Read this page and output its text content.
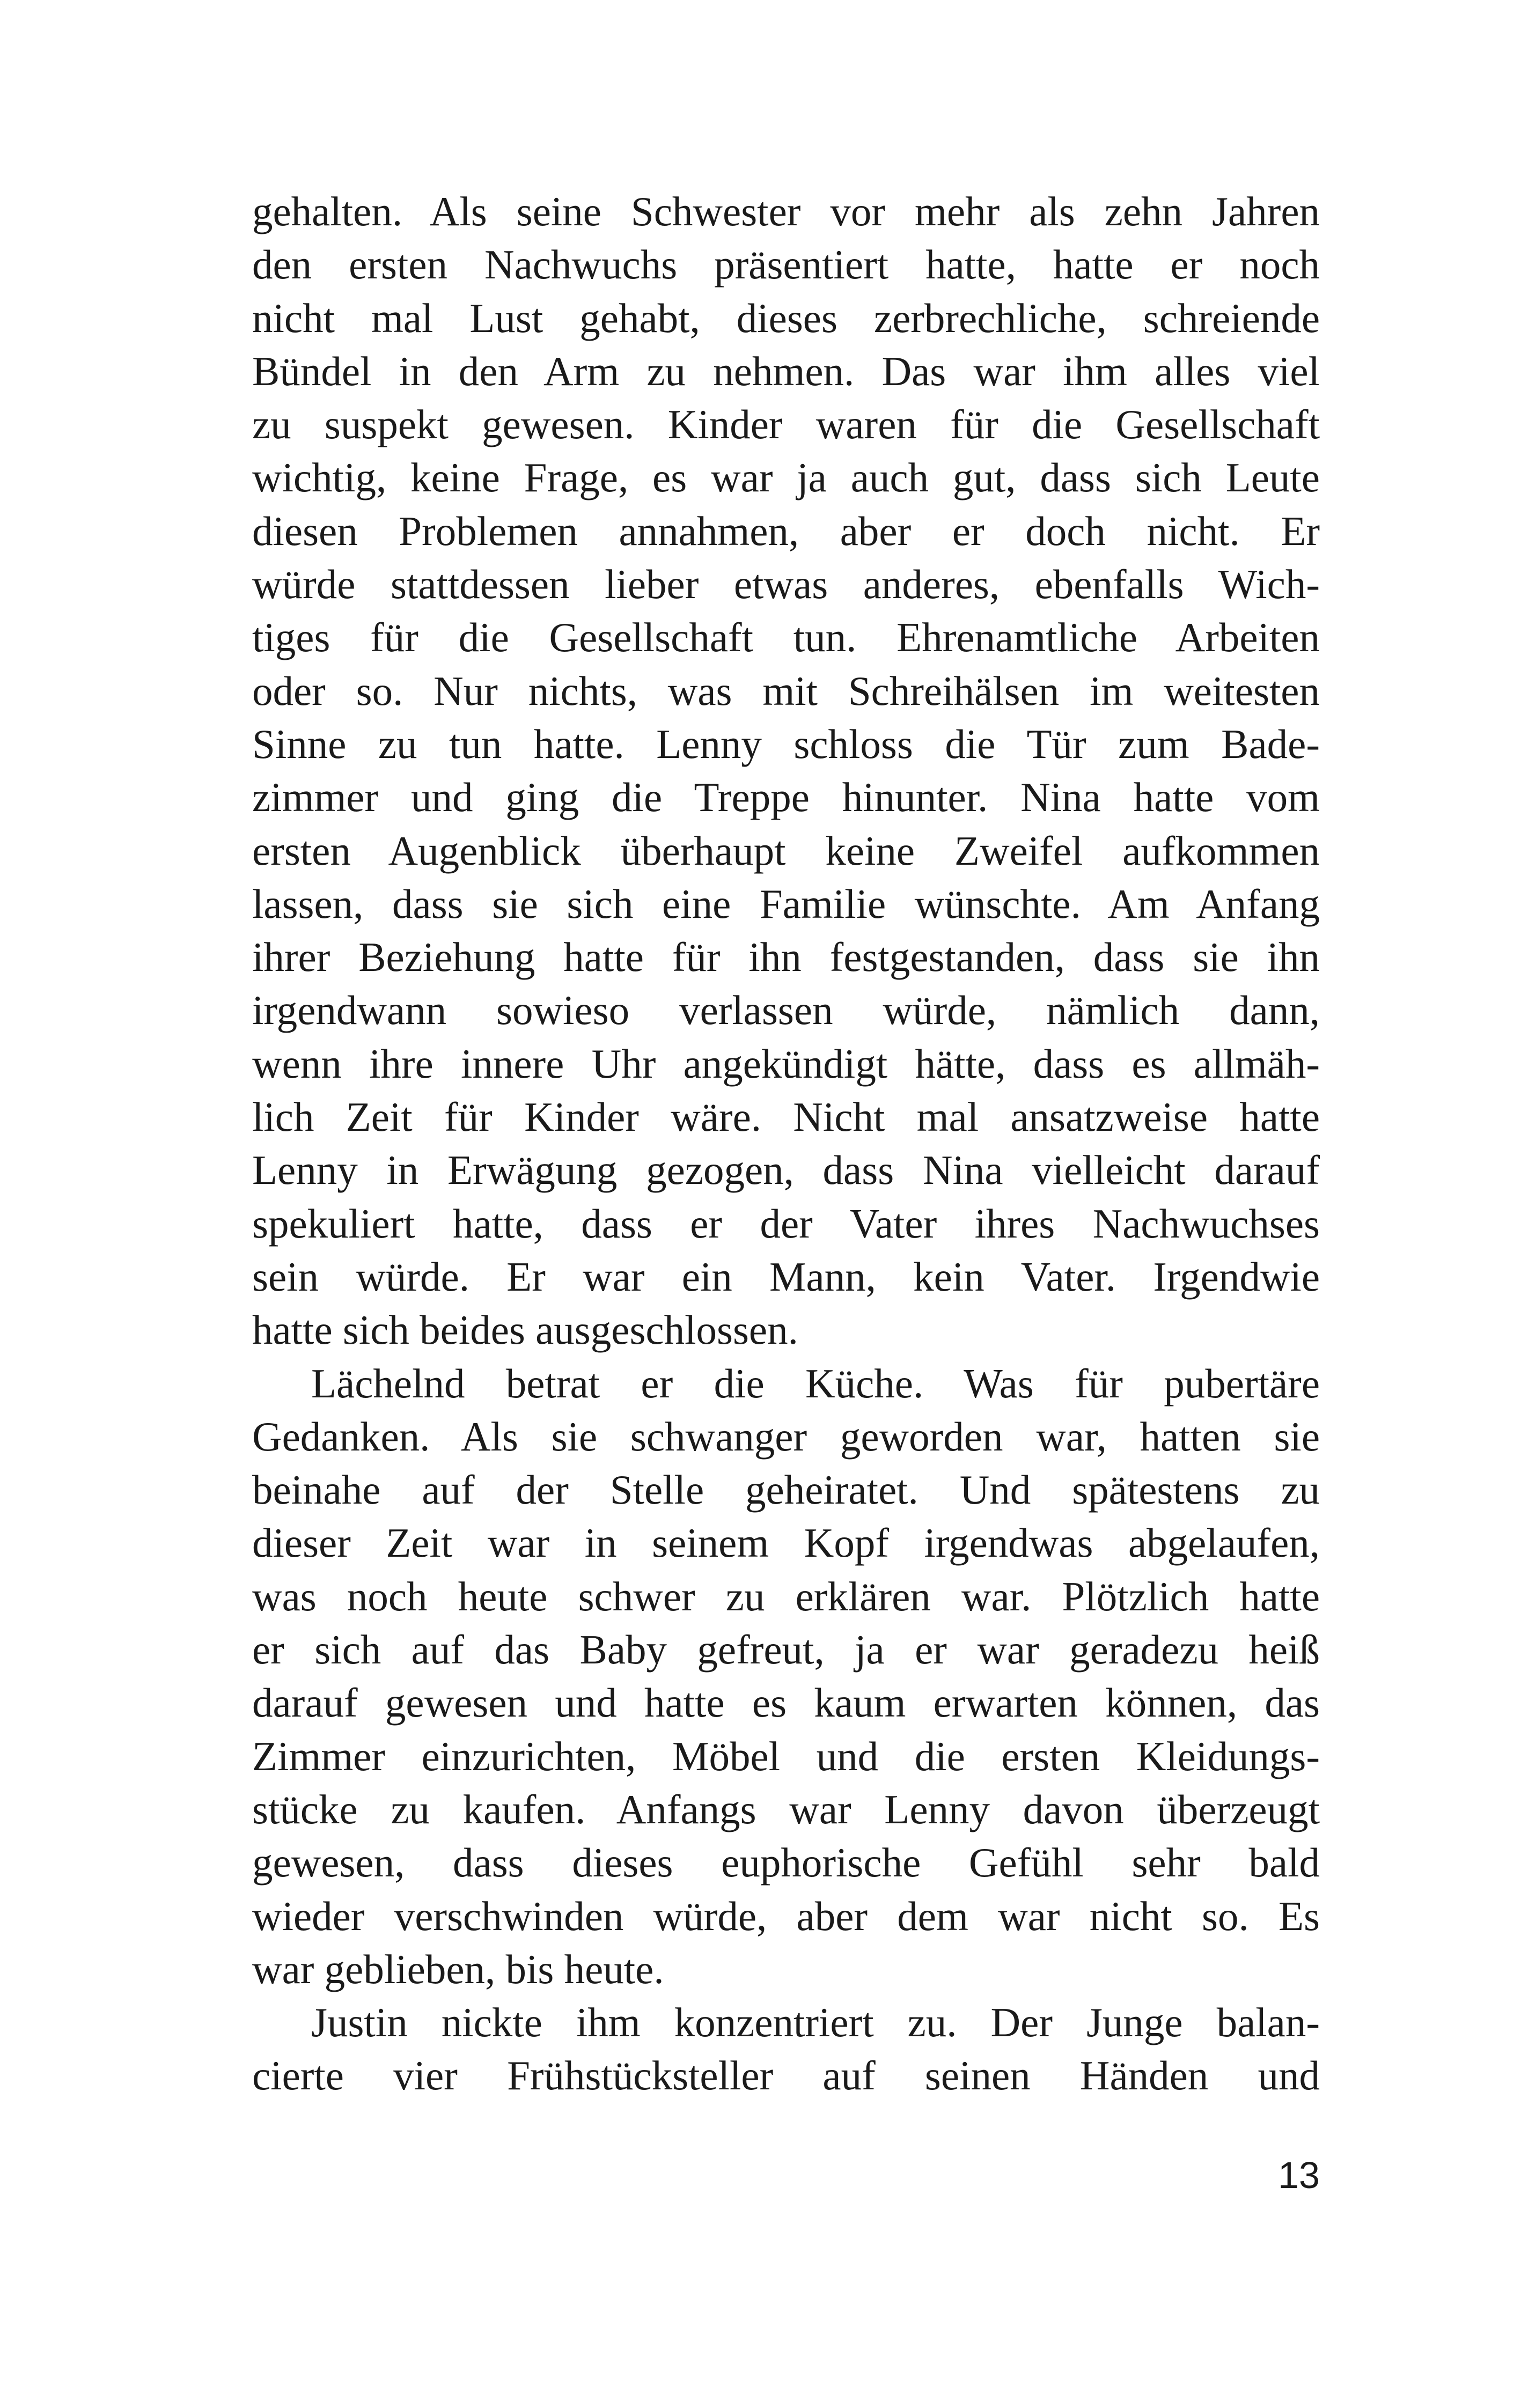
gehalten. Als seine Schwester vor mehr als zehn Jahren
den ersten Nachwuchs präsentiert hatte, hatte er noch
nicht mal Lust gehabt, dieses zerbrechliche, schreiende
Bündel in den Arm zu nehmen. Das war ihm alles viel
zu suspekt gewesen. Kinder waren für die Gesellschaft
wichtig, keine Frage, es war ja auch gut, dass sich Leute
diesen Problemen annahmen, aber er doch nicht. Er
würde stattdessen lieber etwas anderes, ebenfalls Wich-
tiges für die Gesellschaft tun. Ehrenamtliche Arbeiten
oder so. Nur nichts, was mit Schreihälsen im weitesten
Sinne zu tun hatte. Lenny schloss die Tür zum Bade-
zimmer und ging die Treppe hinunter. Nina hatte vom
ersten Augenblick überhaupt keine Zweifel aufkommen
lassen, dass sie sich eine Familie wünschte. Am Anfang
ihrer Beziehung hatte für ihn festgestanden, dass sie ihn
irgendwann sowieso verlassen würde, nämlich dann,
wenn ihre innere Uhr angekündigt hätte, dass es allmäh-
lich Zeit für Kinder wäre. Nicht mal ansatzweise hatte
Lenny in Erwägung gezogen, dass Nina vielleicht darauf
spekuliert hatte, dass er der Vater ihres Nachwuchses
sein würde. Er war ein Mann, kein Vater. Irgendwie
hatte sich beides ausgeschlossen.
Lächelnd betrat er die Küche. Was für pubertäre
Gedanken. Als sie schwanger geworden war, hatten sie
beinahe auf der Stelle geheiratet. Und spätestens zu
dieser Zeit war in seinem Kopf irgendwas abgelaufen,
was noch heute schwer zu erklären war. Plötzlich hatte
er sich auf das Baby gefreut, ja er war geradezu heiß
darauf gewesen und hatte es kaum erwarten können, das
Zimmer einzurichten, Möbel und die ersten Kleidungs-
stücke zu kaufen. Anfangs war Lenny davon überzeugt
gewesen, dass dieses euphorische Gefühl sehr bald
wieder verschwinden würde, aber dem war nicht so. Es
war geblieben, bis heute.
Justin nickte ihm konzentriert zu. Der Junge balan-
cierte vier Frühstücksteller auf seinen Händen und
13
